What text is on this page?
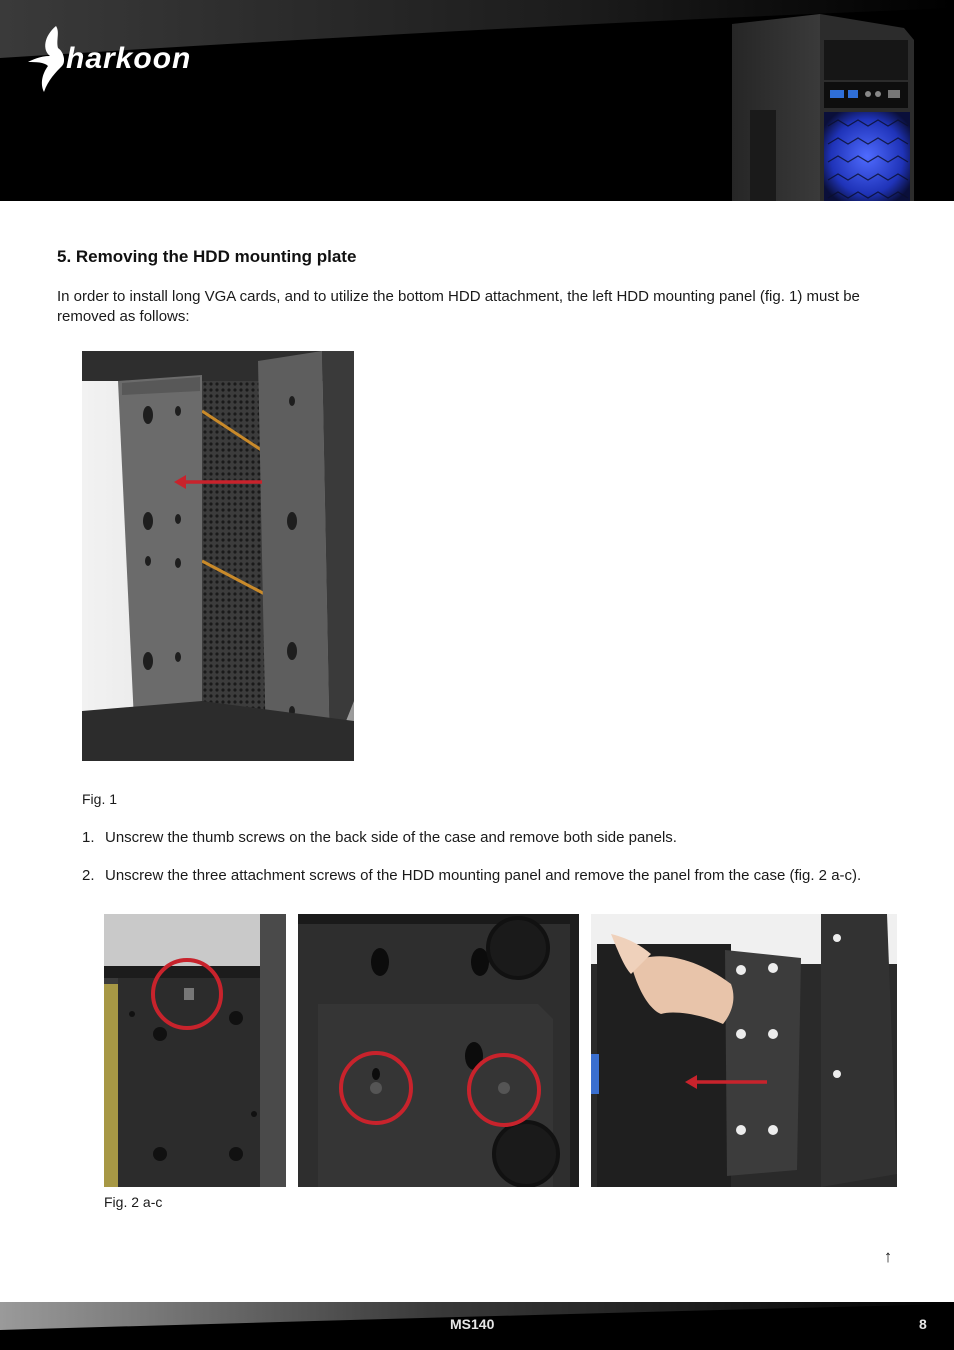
harkoon
5. Removing the HDD mounting plate

In order to install long VGA cards, and to utilize the bottom HDD attachment, the left HDD mounting panel (fig. 1) must be removed as follows:

Fig. 1
1. Unscrew the thumb screws on the back side of the case and remove both side panels.
2. Unscrew the three attachment screws of the HDD mounting panel and remove the panel from the case (fig. 2 a-c).
Fig. 2 a-c
↑
MS140	8
